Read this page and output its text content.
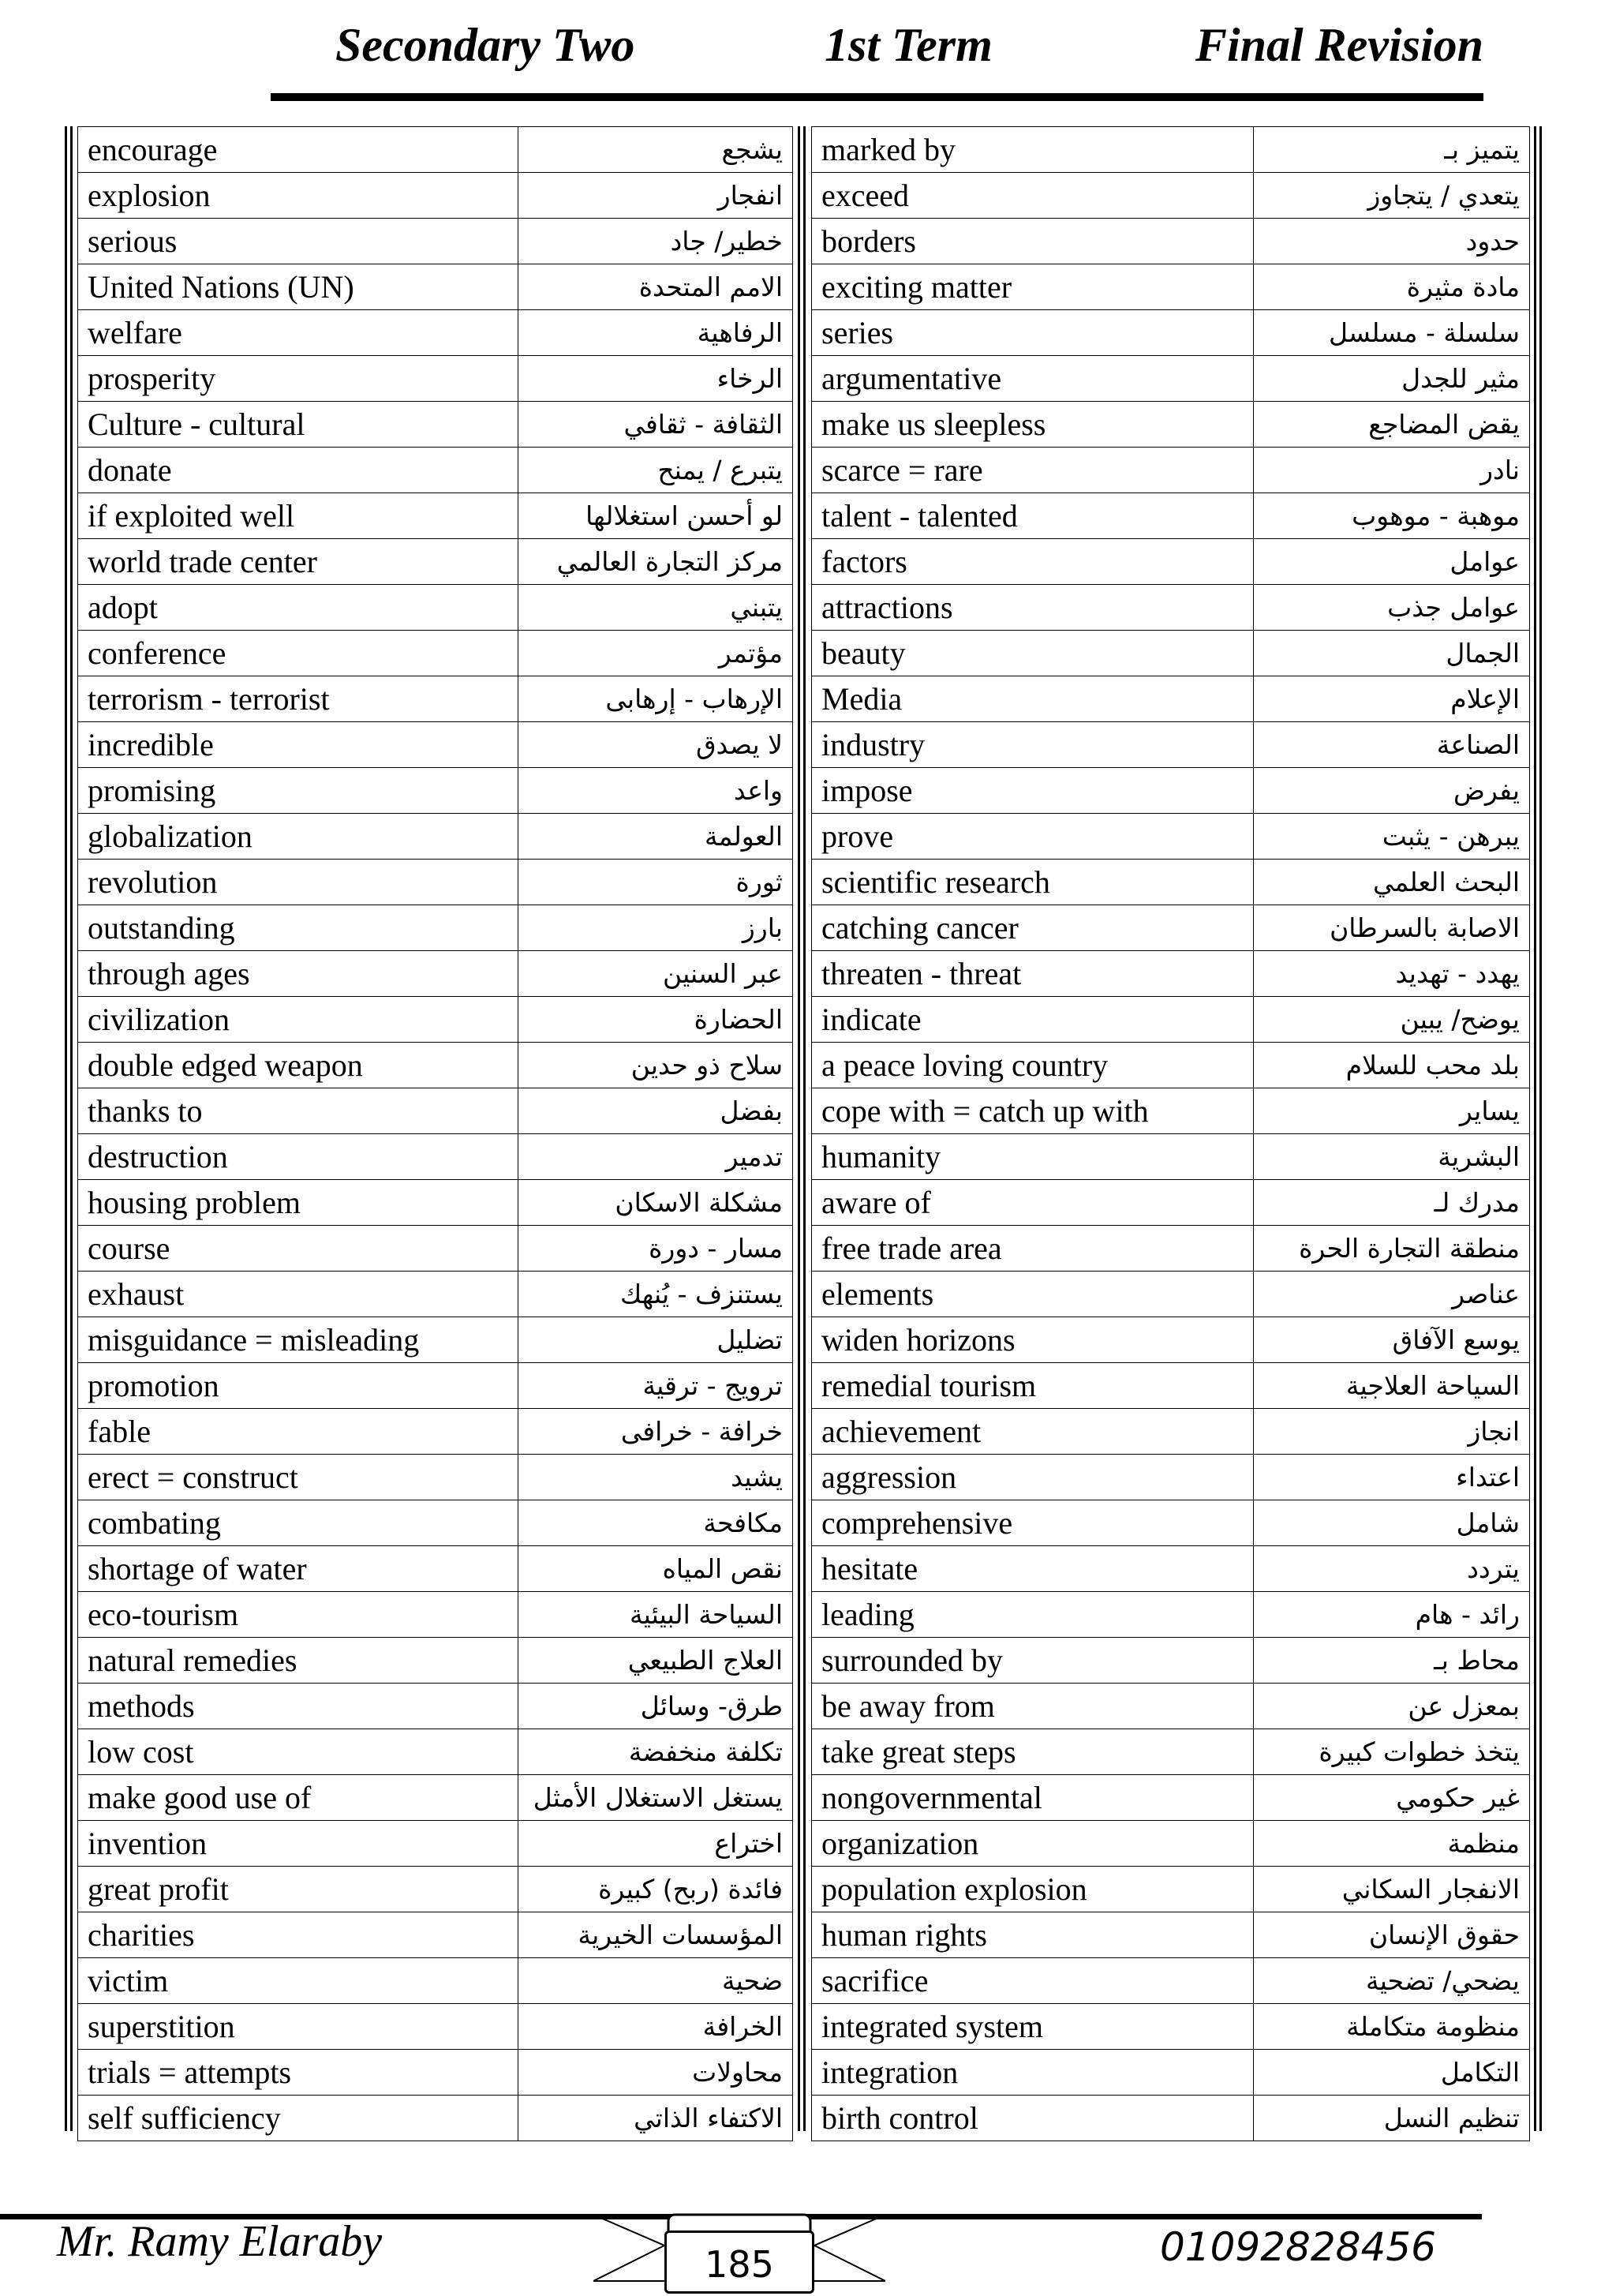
Secondary Two	1st Term	Final Revision
encourage	يشجع
explosion	انفجار
serious	خطير/ جاد
United Nations (UN)	الامم المتحدة
welfare	الرفاهية
prosperity	الرخاء
Culture - cultural	الثقافة - ثقافي
donate	يتبرع / يمنح
if exploited well	لو أحسن استغلالها
world trade center	مركز التجارة العالمي
adopt	يتبني
conference	مؤتمر
terrorism - terrorist	الإرهاب - إرهابى
incredible	لا يصدق
promising	واعد
globalization	العولمة
revolution	ثورة
outstanding	بارز
through ages	عبر السنين
civilization	الحضارة
double edged weapon	سلاح ذو حدين
thanks to	بفضل
destruction	تدمير
housing problem	مشكلة الاسكان
course	مسار - دورة
exhaust	يستنزف - يُنهك
misguidance = misleading	تضليل
promotion	ترويج - ترقية
fable	خرافة - خرافى
erect = construct	يشيد
combating	مكافحة
shortage of water	نقص المياه
eco-tourism	السياحة البيئية
natural remedies	العلاج الطبيعي
methods	طرق- وسائل
low cost	تكلفة منخفضة
make good use of	يستغل الاستغلال الأمثل
invention	اختراع
great profit	فائدة (ربح) كبيرة
charities	المؤسسات الخيرية
victim	ضحية
superstition	الخرافة
trials = attempts	محاولات
self sufficiency	الاكتفاء الذاتي
marked by	يتميز بـ
exceed	يتعدي / يتجاوز
borders	حدود
exciting matter	مادة مثيرة
series	سلسلة - مسلسل
argumentative	مثير للجدل
make us sleepless	يقض المضاجع
scarce = rare	نادر
talent - talented	موهبة - موهوب
factors	عوامل
attractions	عوامل جذب
beauty	الجمال
Media	الإعلام
industry	الصناعة
impose	يفرض
prove	يبرهن - يثبت
scientific research	البحث العلمي
catching cancer	الاصابة بالسرطان
threaten - threat	يهدد - تهديد
indicate	يوضح/ يبين
a peace loving country	بلد محب للسلام
cope with = catch up with	يساير
humanity	البشرية
aware of	مدرك لـ
free trade area	منطقة التجارة الحرة
elements	عناصر
widen horizons	يوسع الآفاق
remedial tourism	السياحة العلاجية
achievement	انجاز
aggression	اعتداء
comprehensive	شامل
hesitate	يتردد
leading	رائد - هام
surrounded by	محاط بـ
be away from	بمعزل عن
take great steps	يتخذ خطوات كبيرة
nongovernmental	غير حكومي
organization	منظمة
population explosion	الانفجار السكاني
human rights	حقوق الإنسان
sacrifice	يضحي/ تضحية
integrated system	منظومة متكاملة
integration	التكامل
birth control	تنظيم النسل
Mr. Ramy Elaraby	185	01092828456
